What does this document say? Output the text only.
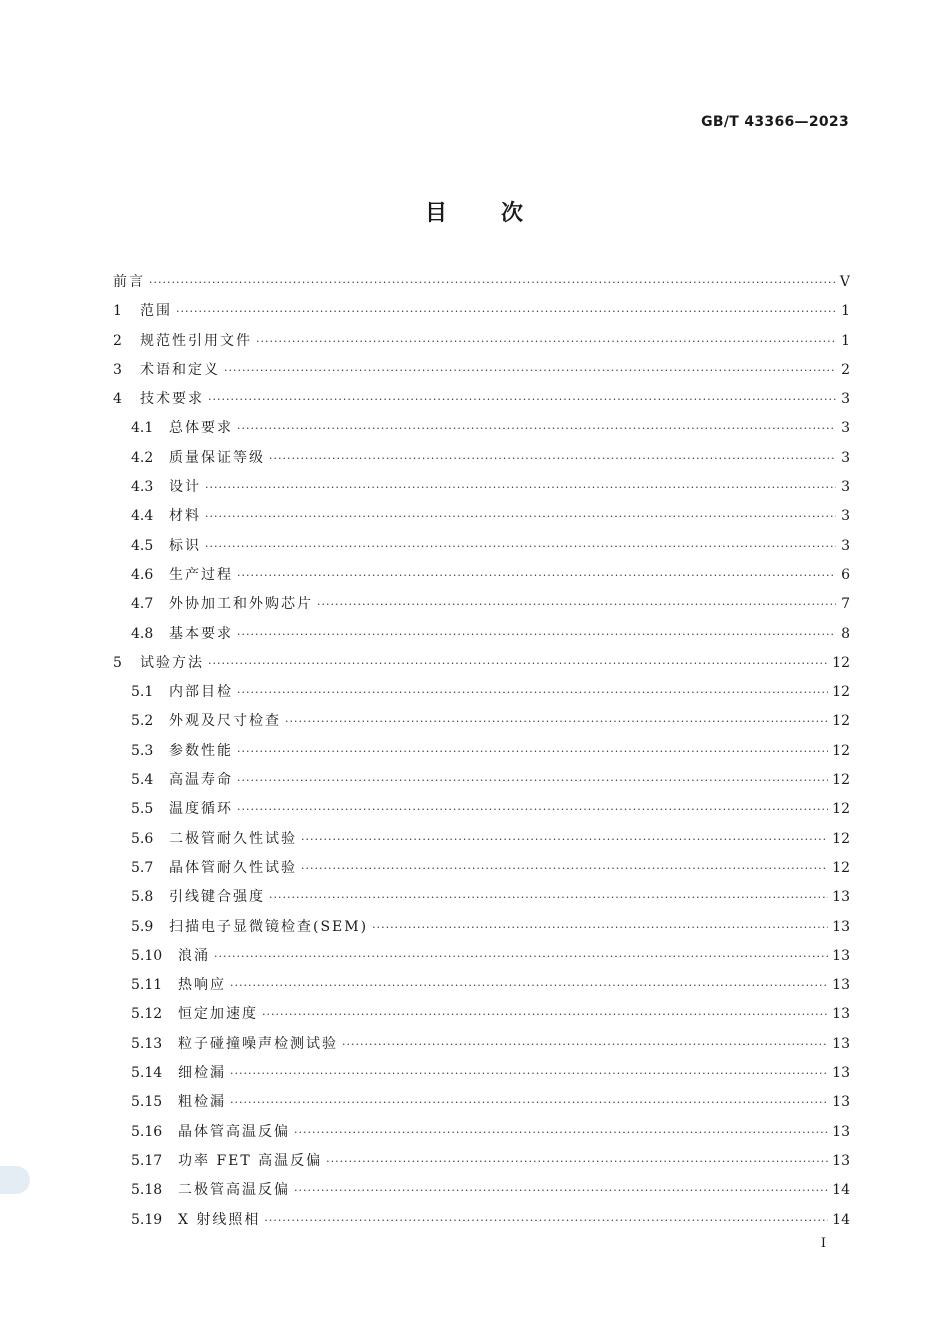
GB/T 43366—2023
目 次
前言 ·····	V
1	范围 ·····	1
2	规范性引用文件 ·····	1
3	术语和定义 ·····	2
4	技术要求 ·····	3
4.1	总体要求 ·····	3
4.2	质量保证等级 ·····	3
4.3	设计 ·····	3
4.4	材料 ·····	3
4.5	标识 ·····	3
4.6	生产过程 ·····	6
4.7	外协加工和外购芯片 ·····	7
4.8	基本要求 ·····	8
5	试验方法 ·····	12
5.1	内部目检 ·····	12
5.2	外观及尺寸检查 ·····	12
5.3	参数性能 ·····	12
5.4	高温寿命 ·····	12
5.5	温度循环 ·····	12
5.6	二极管耐久性试验 ·····	12
5.7	晶体管耐久性试验 ·····	12
5.8	引线键合强度 ·····	13
5.9	扫描电子显微镜检查(SEM) ·····	13
5.10	浪涌 ·····	13
5.11	热响应 ·····	13
5.12	恒定加速度 ·····	13
5.13	粒子碰撞噪声检测试验 ·····	13
5.14	细检漏 ·····	13
5.15	粗检漏 ·····	13
5.16	晶体管高温反偏 ·····	13
5.17	功率 FET 高温反偏 ·····	13
5.18	二极管高温反偏 ·····	14
5.19	X 射线照相 ·····	14
I
